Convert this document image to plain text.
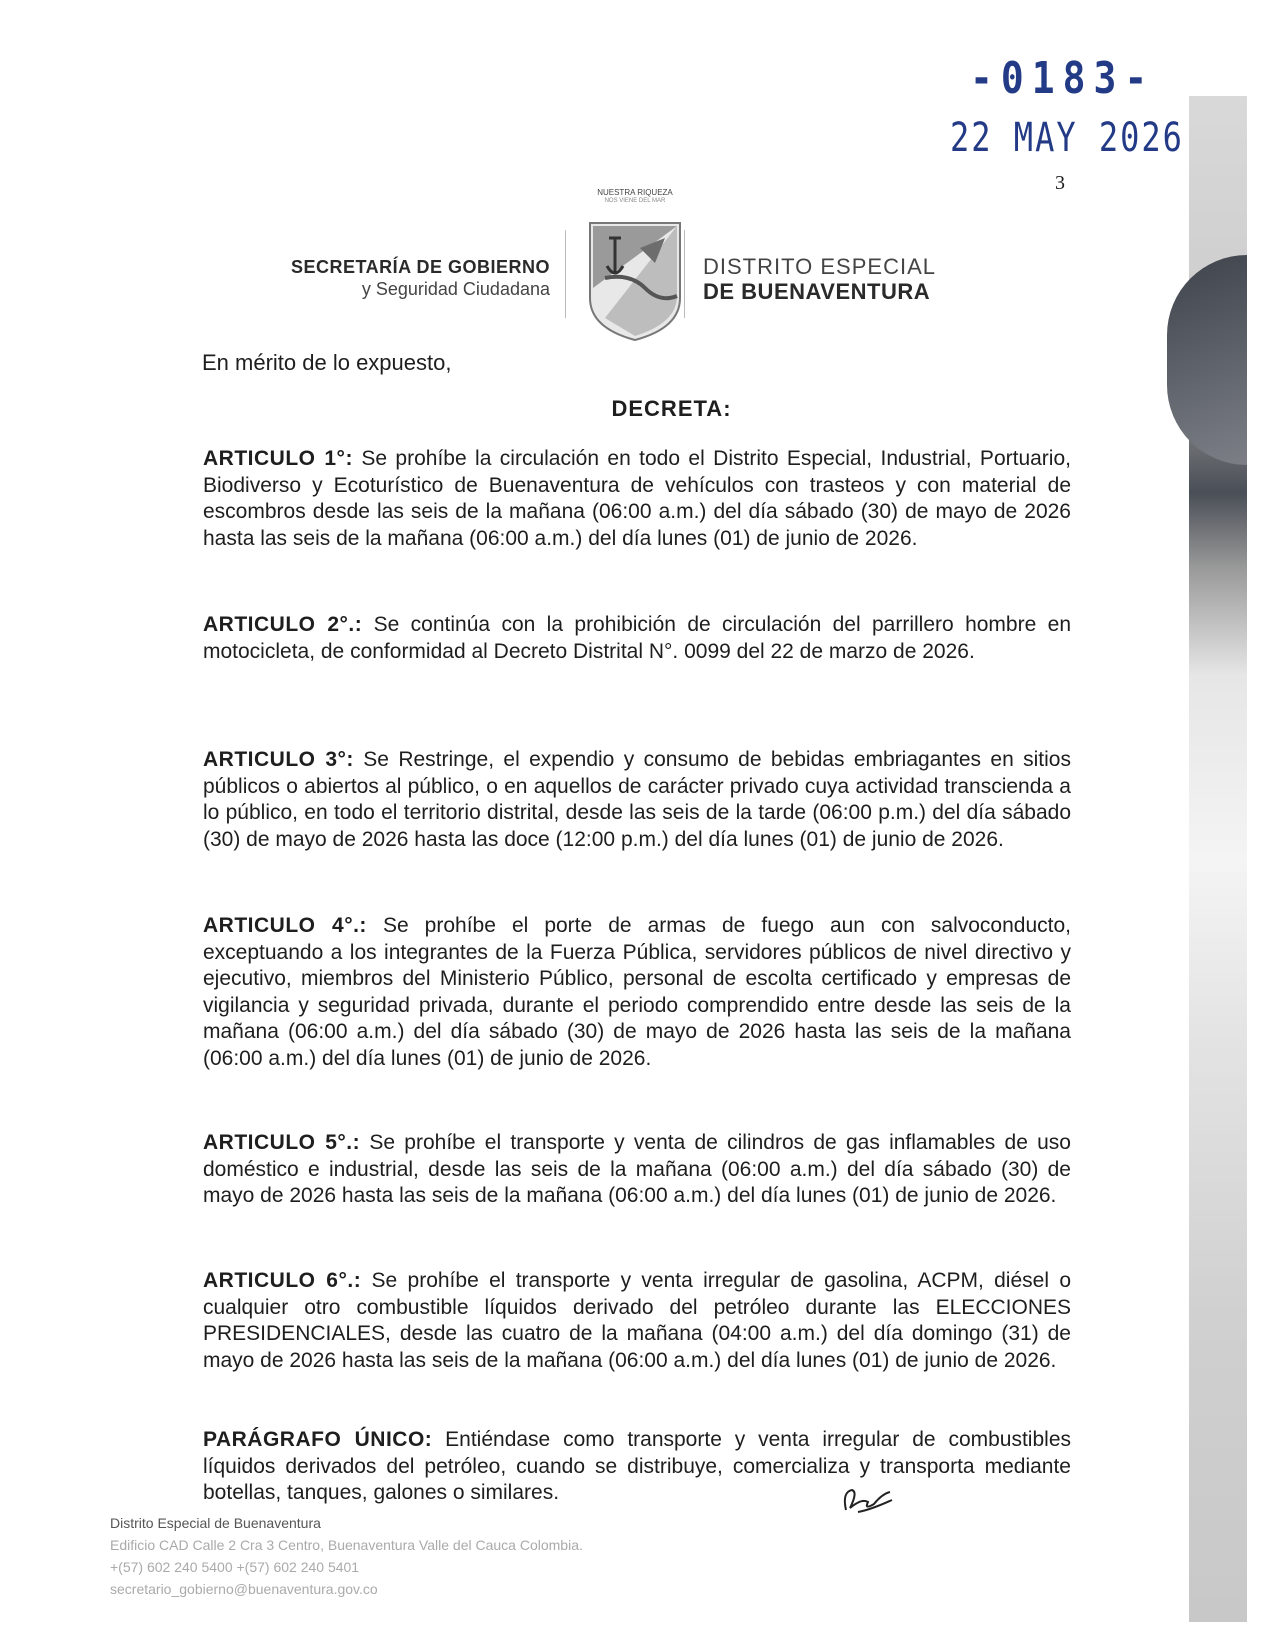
-0183-
22 MAY 2026
3
SECRETARÍA DE GOBIERNO
y Seguridad Ciudadana
NUESTRA RIQUEZA
NOS VIENE DEL MAR
DISTRITO ESPECIAL
DE BUENAVENTURA
En mérito de lo expuesto,
DECRETA:
ARTICULO 1°: Se prohíbe la circulación en todo el Distrito Especial, Industrial, Portuario, Biodiverso y Ecoturístico de Buenaventura de vehículos con trasteos y con material de escombros desde las seis de la mañana (06:00 a.m.) del día sábado (30) de mayo de 2026 hasta las seis de la mañana (06:00 a.m.) del día lunes (01) de junio de 2026.
ARTICULO 2°.: Se continúa con la prohibición de circulación del parrillero hombre en motocicleta, de conformidad al Decreto Distrital N°. 0099 del 22 de marzo de 2026.
ARTICULO 3°: Se Restringe, el expendio y consumo de bebidas embriagantes en sitios públicos o abiertos al público, o en aquellos de carácter privado cuya actividad transcienda a lo público, en todo el territorio distrital, desde las seis de la tarde (06:00 p.m.) del día sábado (30) de mayo de 2026 hasta las doce (12:00 p.m.) del día lunes (01) de junio de 2026.
ARTICULO 4°.: Se prohíbe el porte de armas de fuego aun con salvoconducto, exceptuando a los integrantes de la Fuerza Pública, servidores públicos de nivel directivo y ejecutivo, miembros del Ministerio Público, personal de escolta certificado y empresas de vigilancia y seguridad privada, durante el periodo comprendido entre desde las seis de la mañana (06:00 a.m.) del día sábado (30) de mayo de 2026 hasta las seis de la mañana (06:00 a.m.) del día lunes (01) de junio de 2026.
ARTICULO 5°.: Se prohíbe el transporte y venta de cilindros de gas inflamables de uso doméstico e industrial, desde las seis de la mañana (06:00 a.m.) del día sábado (30) de mayo de 2026 hasta las seis de la mañana (06:00 a.m.) del día lunes (01) de junio de 2026.
ARTICULO 6°.: Se prohíbe el transporte y venta irregular de gasolina, ACPM, diésel o cualquier otro combustible líquidos derivado del petróleo durante las ELECCIONES PRESIDENCIALES, desde las cuatro de la mañana (04:00 a.m.) del día domingo (31) de mayo de 2026 hasta las seis de la mañana (06:00 a.m.) del día lunes (01) de junio de 2026.
PARÁGRAFO ÚNICO: Entiéndase como transporte y venta irregular de combustibles líquidos derivados del petróleo, cuando se distribuye, comercializa y transporta mediante botellas, tanques, galones o similares.
Distrito Especial de Buenaventura
Edificio CAD Calle 2 Cra 3 Centro, Buenaventura Valle del Cauca Colombia.
+(57) 602 240 5400 +(57) 602 240 5401
secretario_gobierno@buenaventura.gov.co
